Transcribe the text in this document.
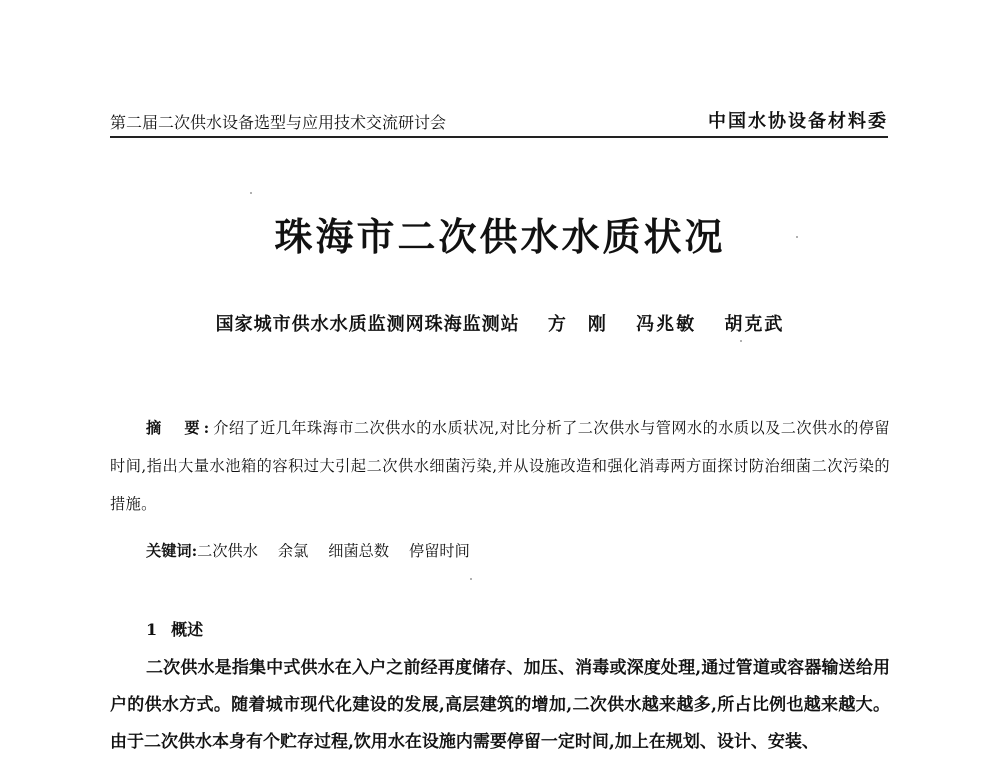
第二届二次供水设备选型与应用技术交流研讨会	中国水协设备材料委
珠海市二次供水水质状况
国家城市供水水质监测网珠海监测站 方　刚 冯兆敏 胡克武
摘　要:介绍了近几年珠海市二次供水的水质状况,对比分析了二次供水与管网水的水质以及二次供水的停留时间,指出大量水池箱的容积过大引起二次供水细菌污染,并从设施改造和强化消毒两方面探讨防治细菌二次污染的措施。
关键词:二次供水 余氯 细菌总数 停留时间
1 概述
二次供水是指集中式供水在入户之前经再度储存、加压、消毒或深度处理,通过管道或容器输送给用户的供水方式。随着城市现代化建设的发展,高层建筑的增加,二次供水越来越多,所占比例也越来越大。由于二次供水本身有个贮存过程,饮用水在设施内需要停留一定时间,加上在规划、设计、安装、
